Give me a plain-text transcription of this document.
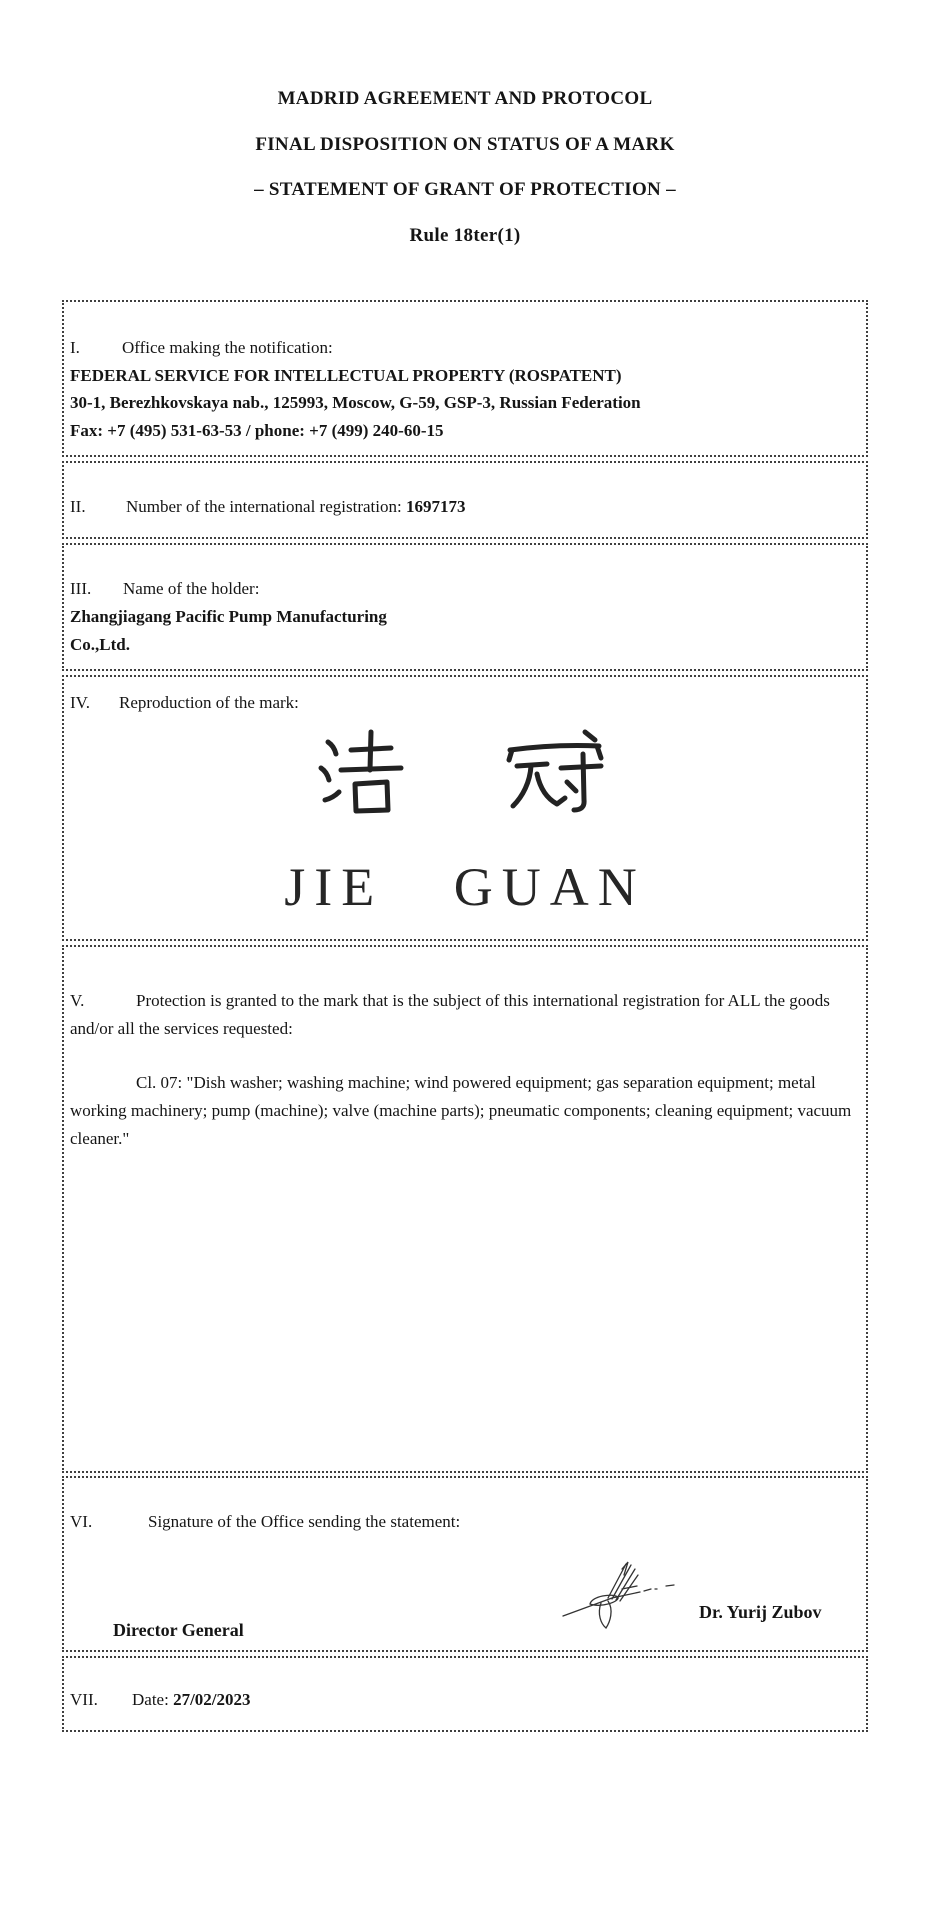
MADRID AGREEMENT AND PROTOCOL
FINAL DISPOSITION ON STATUS OF A MARK
– STATEMENT OF GRANT OF PROTECTION –
Rule 18ter(1)
I. Office making the notification:
FEDERAL SERVICE FOR INTELLECTUAL PROPERTY (ROSPATENT)
30-1, Berezhkovskaya nab., 125993, Moscow, G-59, GSP-3, Russian Federation
Fax: +7 (495) 531-63-53 / phone: +7 (499) 240-60-15
II. Number of the international registration: 1697173
III. Name of the holder:
Zhangjiagang Pacific Pump Manufacturing
Co.,Ltd.
IV. Reproduction of the mark:
JIE GUAN

V.	Protection is granted to the mark that is the subject of this international registration for ALL the goods and/or all the services requested:

Cl. 07: "Dish washer; washing machine; wind powered equipment; gas separation equipment; metal working machinery; pump (machine); valve (machine parts); pneumatic components; cleaning equipment; vacuum cleaner."

VI.	Signature of the Office sending the statement:
Dr. Yurij Zubov
Director General
VII. Date: 27/02/2023
